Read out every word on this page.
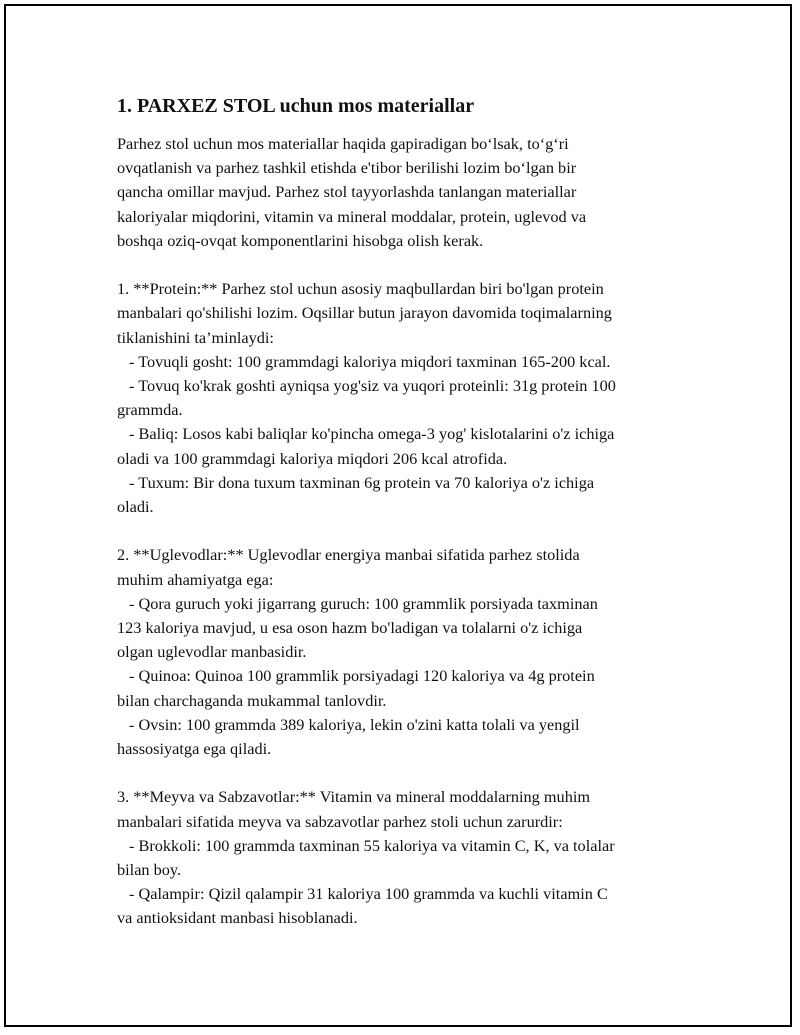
1. PARXEZ STOL uchun mos materiallar
Parhez stol uchun mos materiallar haqida gapiradigan bo‘lsak, to‘g‘ri
ovqatlanish va parhez tashkil etishda e'tibor berilishi lozim bo‘lgan bir
qancha omillar mavjud. Parhez stol tayyorlashda tanlangan materiallar
kaloriyalar miqdorini, vitamin va mineral moddalar, protein, uglevod va
boshqa oziq-ovqat komponentlarini hisobga olish kerak.
1. **Protein:** Parhez stol uchun asosiy maqbullardan biri bo'lgan protein
manbalari qo'shilishi lozim. Oqsillar butun jarayon davomida toqimalarning
tiklanishini ta’minlaydi:
- Tovuqli gosht: 100 grammdagi kaloriya miqdori taxminan 165-200 kcal.
- Tovuq ko'krak goshti ayniqsa yog'siz va yuqori proteinli: 31g protein 100
grammda.
- Baliq: Losos kabi baliqlar ko'pincha omega-3 yog' kislotalarini o'z ichiga
oladi va 100 grammdagi kaloriya miqdori 206 kcal atrofida.
- Tuxum: Bir dona tuxum taxminan 6g protein va 70 kaloriya o'z ichiga
oladi.
2. **Uglevodlar:** Uglevodlar energiya manbai sifatida parhez stolida
muhim ahamiyatga ega:
- Qora guruch yoki jigarrang guruch: 100 grammlik porsiyada taxminan
123 kaloriya mavjud, u esa oson hazm bo'ladigan va tolalarni o'z ichiga
olgan uglevodlar manbasidir.
- Quinoa: Quinoa 100 grammlik porsiyadagi 120 kaloriya va 4g protein
bilan charchaganda mukammal tanlovdir.
- Ovsin: 100 grammda 389 kaloriya, lekin o'zini katta tolali va yengil
hassosiyatga ega qiladi.
3. **Meyva va Sabzavotlar:** Vitamin va mineral moddalarning muhim
manbalari sifatida meyva va sabzavotlar parhez stoli uchun zarurdir:
- Brokkoli: 100 grammda taxminan 55 kaloriya va vitamin C, K, va tolalar
bilan boy.
- Qalampir: Qizil qalampir 31 kaloriya 100 grammda va kuchli vitamin C
va antioksidant manbasi hisoblanadi.
